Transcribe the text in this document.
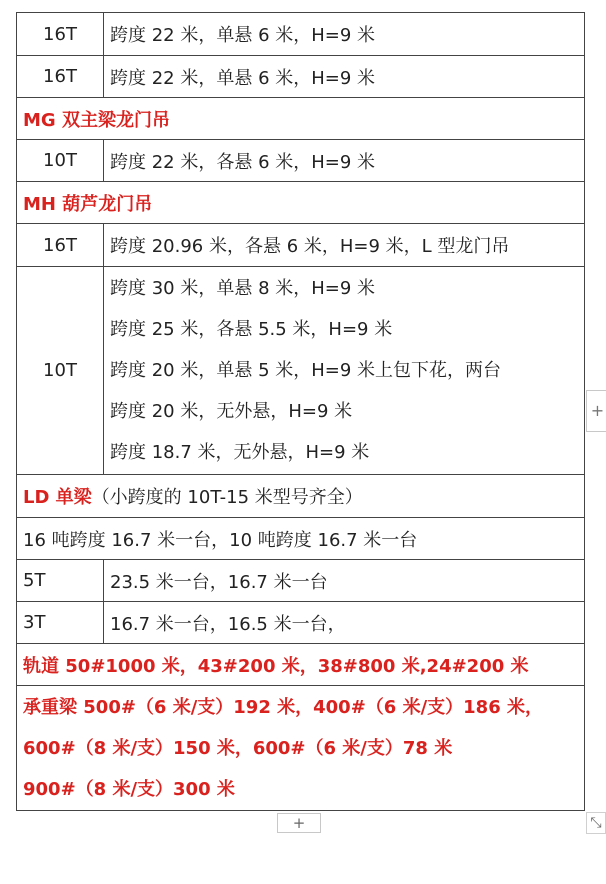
16T	跨度 22 米，单悬 6 米，H=9 米
16T	跨度 22 米，单悬 6 米，H=9 米
MG 双主梁龙门吊	
10T	跨度 22 米，各悬 6 米，H=9 米
MH 葫芦龙门吊	
16T	跨度 20.96 米，各悬 6 米，H=9 米，L 型龙门吊
10T	跨度 30 米，单悬 8 米，H=9 米
跨度 25 米，各悬 5.5 米，H=9 米
跨度 20 米，单悬 5 米，H=9 米上包下花，两台
跨度 20 米，无外悬，H=9 米
跨度 18.7 米，无外悬，H=9 米

LD 单梁（小跨度的 10T-15 米型号齐全）	
16 吨跨度 16.7 米一台，10 吨跨度 16.7 米一台	
5T	23.5 米一台，16.7 米一台
3T	16.7 米一台，16.5 米一台，
轨道 50#1000 米，43#200 米，38#800 米,24#200 米	

承重梁 500#（6 米/支）192 米，400#（6 米/支）186 米，
600#（8 米/支）150 米，600#（6 米/支）78 米
900#（8 米/支）300 米	
+
+	⤡
